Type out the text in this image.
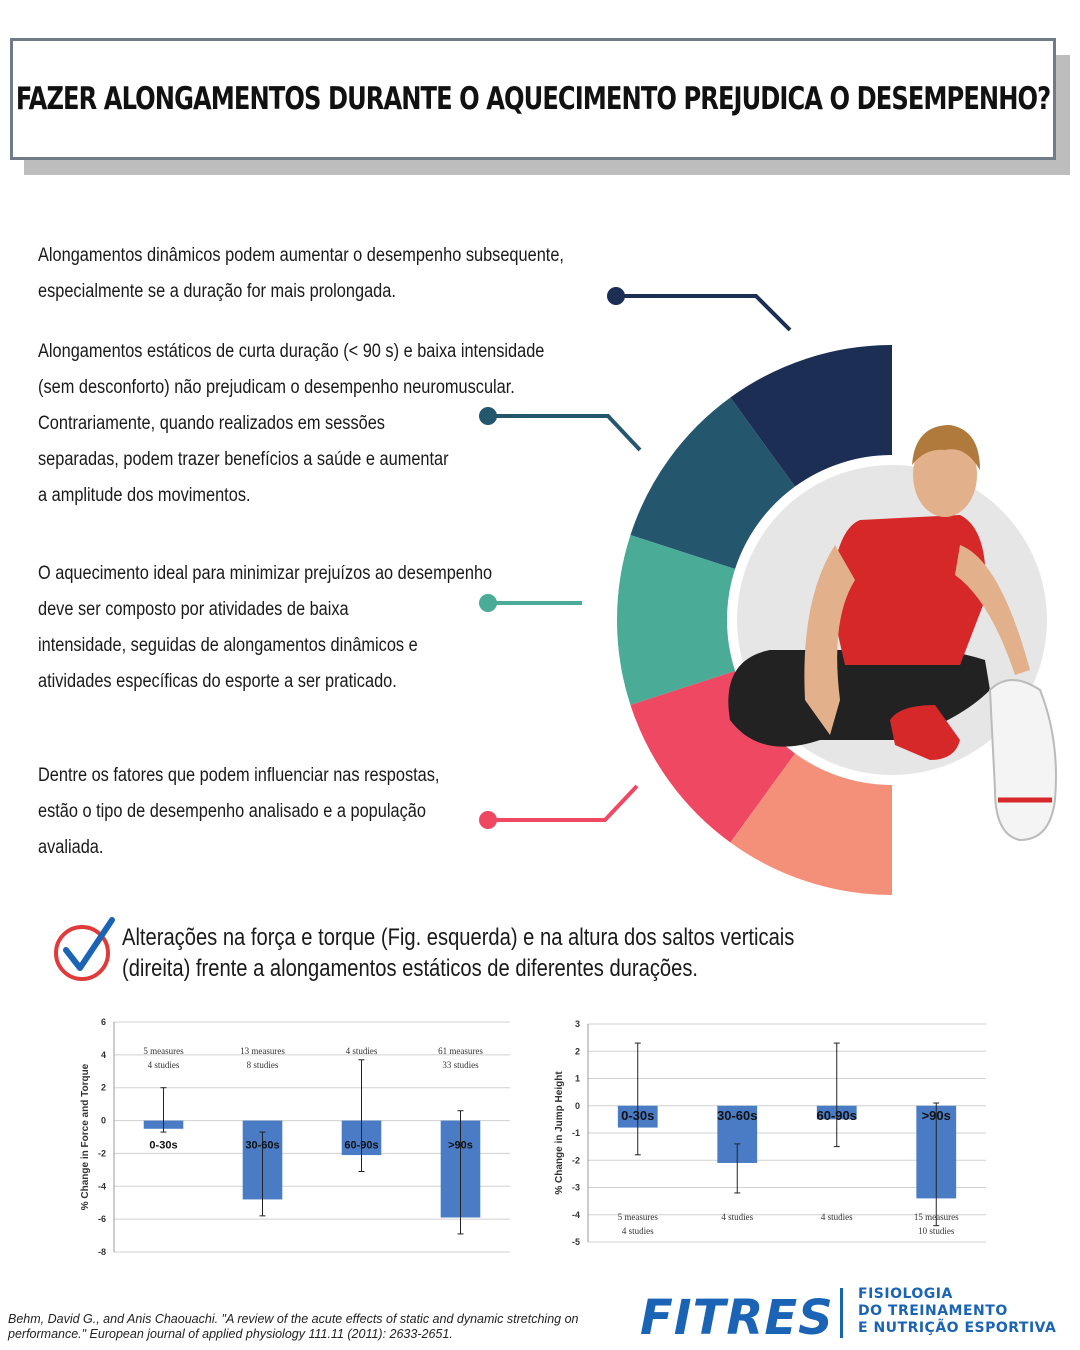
FAZER ALONGAMENTOS DURANTE O AQUECIMENTO PREJUDICA O DESEMPENHO?
Alongamentos dinâmicos podem aumentar o desempenho subsequente,
especialmente se a duração for mais prolongada.
Alongamentos estáticos de curta duração (< 90 s) e baixa intensidade
(sem desconforto) não prejudicam o desempenho neuromuscular.
Contrariamente, quando realizados em sessões
separadas, podem trazer benefícios a saúde e aumentar
a amplitude dos movimentos.
O aquecimento ideal para minimizar prejuízos ao desempenho
deve ser composto por atividades de baixa
intensidade, seguidas de alongamentos dinâmicos e
atividades específicas do esporte a ser praticado.
Dentre os fatores que podem influenciar nas respostas,
estão o tipo de desempenho analisado e a população
avaliada.
Alterações na força e torque (Fig. esquerda) e na altura dos saltos verticais
(direita) frente a alongamentos estáticos de diferentes durações.
-8
-6
-4
-2
0
2
4
6
% Change in Force and Torque	0-30s
5 measures
4 studies
30-60s
13 measures
8 studies
60-90s
4 studies
>90s
61 measures
33 studies
-5
-4
-3
-2
-1
0
1
2
3
% Change in Jump Height	0-30s
5 measures
4 studies
30-60s
4 studies
60-90s
4 studies
>90s
15 measures
10 studies
Behm, David G., and Anis Chaouachi. "A review of the acute effects of static and dynamic stretching on performance." European journal of applied physiology 111.11 (2011): 2633-2651.	FITRES FISIOLOGIA
DO TREINAMENTO
E NUTRIÇÃO ESPORTIVA
